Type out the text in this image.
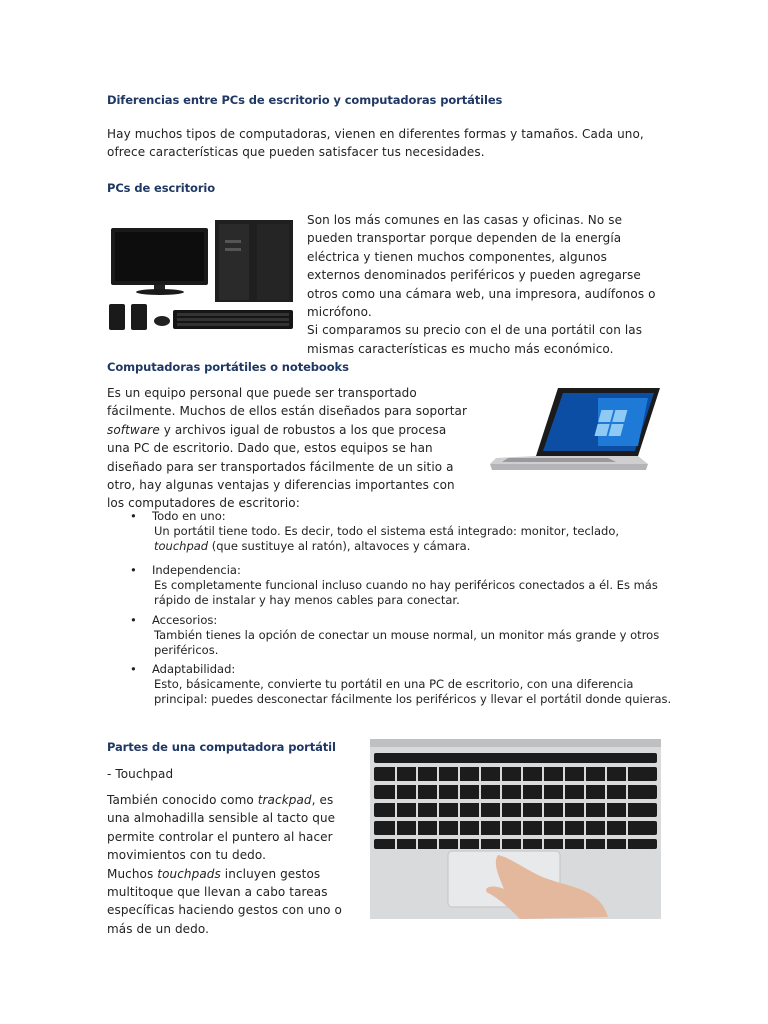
Diferencias entre PCs de escritorio y computadoras portátiles
Hay muchos tipos de computadoras, vienen en diferentes formas y tamaños. Cada uno, ofrece características que pueden satisfacer tus necesidades.
PCs de escritorio
Son los más comunes en las casas y oficinas. No se pueden transportar porque dependen de la energía eléctrica y tienen muchos componentes, algunos externos denominados periféricos y pueden agregarse otros como una cámara web, una impresora, audífonos o micrófono.
Si comparamos su precio con el de una portátil con las mismas características es mucho más económico.
Computadoras portátiles o notebooks
Es un equipo personal que puede ser transportado fácilmente. Muchos de ellos están diseñados para soportar software y archivos igual de robustos a los que procesa una PC de escritorio. Dado que, estos equipos se han diseñado para ser transportados fácilmente de un sitio a otro, hay algunas ventajas y diferencias importantes con los computadores de escritorio:
• Todo en uno:
Un portátil tiene todo. Es decir, todo el sistema está integrado: monitor, teclado, touchpad (que sustituye al ratón), altavoces y cámara.
• Independencia:
Es completamente funcional incluso cuando no hay periféricos conectados a él. Es más rápido de instalar y hay menos cables para conectar.
• Accesorios:
También tienes la opción de conectar un mouse normal, un monitor más grande y otros periféricos.
• Adaptabilidad:
Esto, básicamente, convierte tu portátil en una PC de escritorio, con una diferencia principal: puedes desconectar fácilmente los periféricos y llevar el portátil donde quieras.
Partes de una computadora portátil
- Touchpad
También conocido como trackpad, es una almohadilla sensible al tacto que permite controlar el puntero al hacer movimientos con tu dedo.
Muchos touchpads incluyen gestos multitoque que llevan a cabo tareas específicas haciendo gestos con uno o más de un dedo.
